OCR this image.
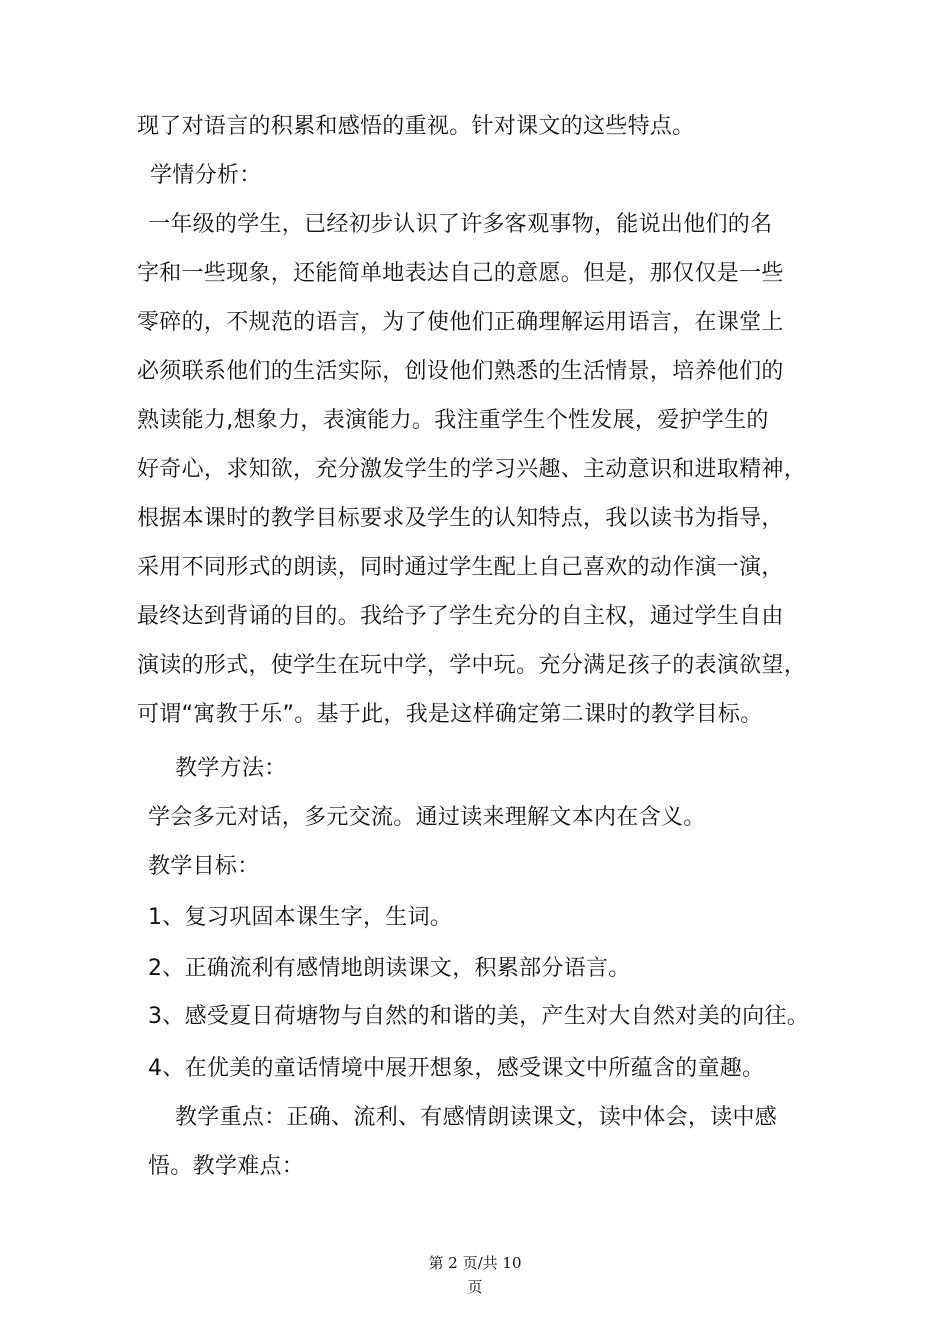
现了对语言的积累和感悟的重视。针对课文的这些特点。
学情分析：
一年级的学生，已经初步认识了许多客观事物，能说出他们的名
字和一些现象，还能简单地表达自己的意愿。但是，那仅仅是一些
零碎的，不规范的语言，为了使他们正确理解运用语言，在课堂上
必须联系他们的生活实际，创设他们熟悉的生活情景，培养他们的
熟读能力,想象力，表演能力。我注重学生个性发展，爱护学生的
好奇心，求知欲，充分激发学生的学习兴趣、主动意识和进取精神，
根据本课时的教学目标要求及学生的认知特点，我以读书为指导，
采用不同形式的朗读，同时通过学生配上自己喜欢的动作演一演，
最终达到背诵的目的。我给予了学生充分的自主权，通过学生自由
演读的形式，使学生在玩中学，学中玩。充分满足孩子的表演欲望，
可谓“寓教于乐”。基于此，我是这样确定第二课时的教学目标。
教学方法：
学会多元对话，多元交流。通过读来理解文本内在含义。
教学目标：
1、复习巩固本课生字，生词。
2、正确流利有感情地朗读课文，积累部分语言。
3、感受夏日荷塘物与自然的和谐的美，产生对大自然对美的向往。
4、在优美的童话情境中展开想象，感受课文中所蕴含的童趣。
教学重点：正确、流利、有感情朗读课文，读中体会，读中感
悟。教学难点：
第 2 页/共 10
页
